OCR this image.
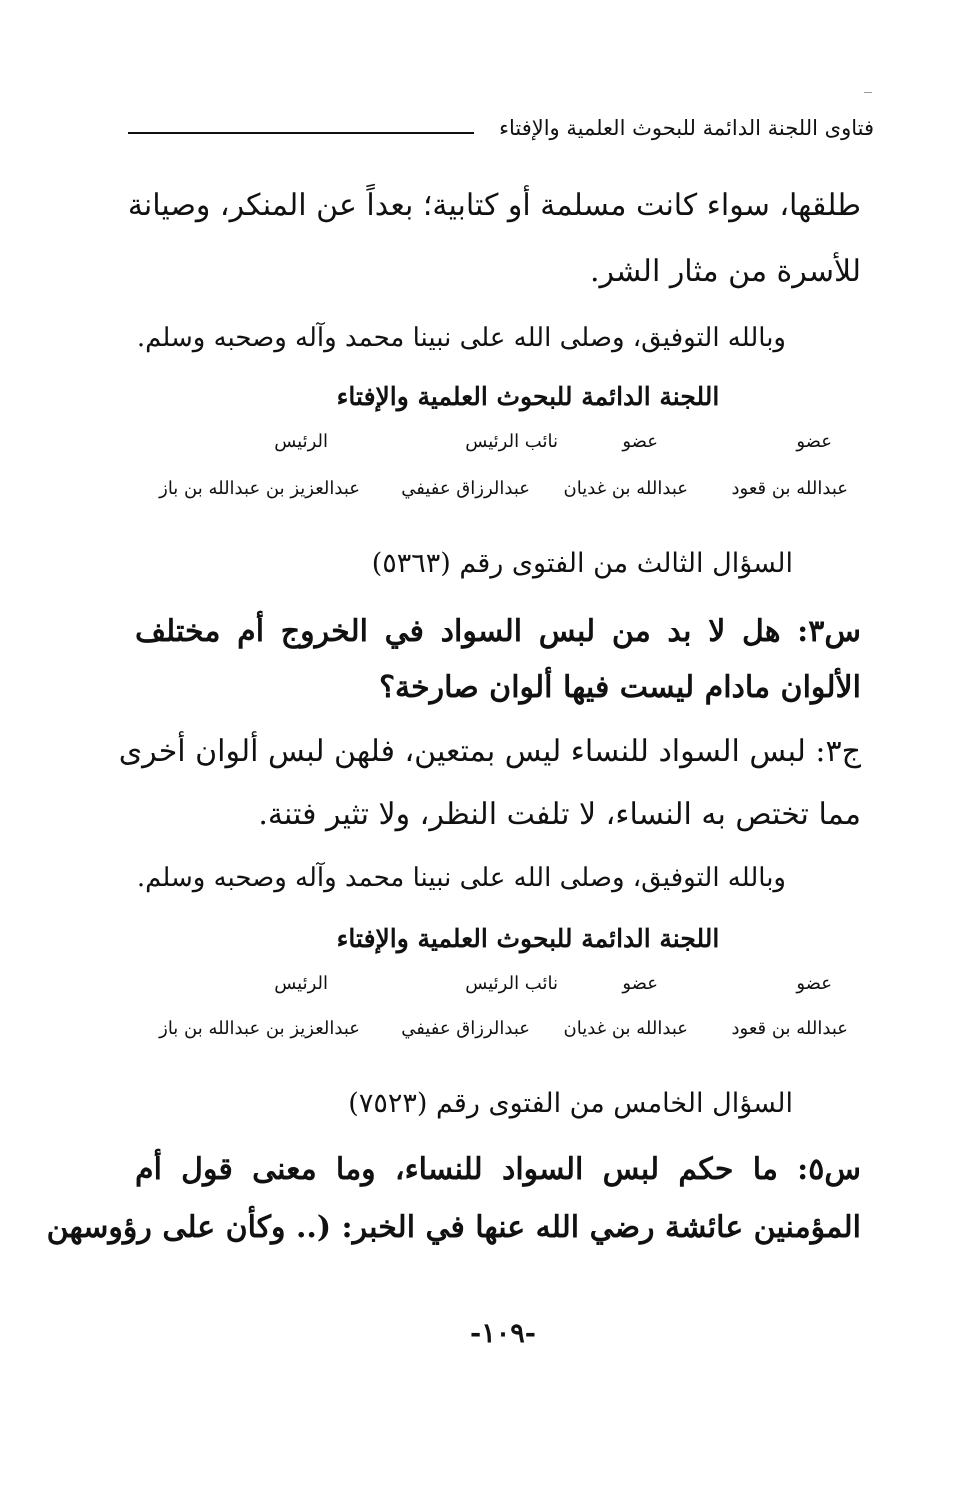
فتاوى اللجنة الدائمة للبحوث العلمية والإفتاء
طلقها، سواء كانت مسلمة أو كتابية؛ بعداً عن المنكر، وصيانة
للأسرة من مثار الشر.
وبالله التوفيق، وصلى الله على نبينا محمد وآله وصحبه وسلم.
اللجنة الدائمة للبحوث العلمية والإفتاء
عضو
عضو
نائب الرئيس
الرئيس
عبدالله بن قعود
عبدالله بن غديان
عبدالرزاق عفيفي
عبدالعزيز بن عبدالله بن باز
السؤال الثالث من الفتوى رقم (٥٣٦٣)
س٣: هل لا بد من لبس السواد في الخروج أم مختلف
الألوان مادام ليست فيها ألوان صارخة؟
ج٣: لبس السواد للنساء ليس بمتعين، فلهن لبس ألوان أخرى
مما تختص به النساء، لا تلفت النظر، ولا تثير فتنة.
وبالله التوفيق، وصلى الله على نبينا محمد وآله وصحبه وسلم.
اللجنة الدائمة للبحوث العلمية والإفتاء
عضو
عضو
نائب الرئيس
الرئيس
عبدالله بن قعود
عبدالله بن غديان
عبدالرزاق عفيفي
عبدالعزيز بن عبدالله بن باز
السؤال الخامس من الفتوى رقم (٧٥٢٣)
س٥: ما حكم لبس السواد للنساء، وما معنى قول أم
المؤمنين عائشة رضي الله عنها في الخبر: (.. وكأن على رؤوسهن
-١٠٩-
